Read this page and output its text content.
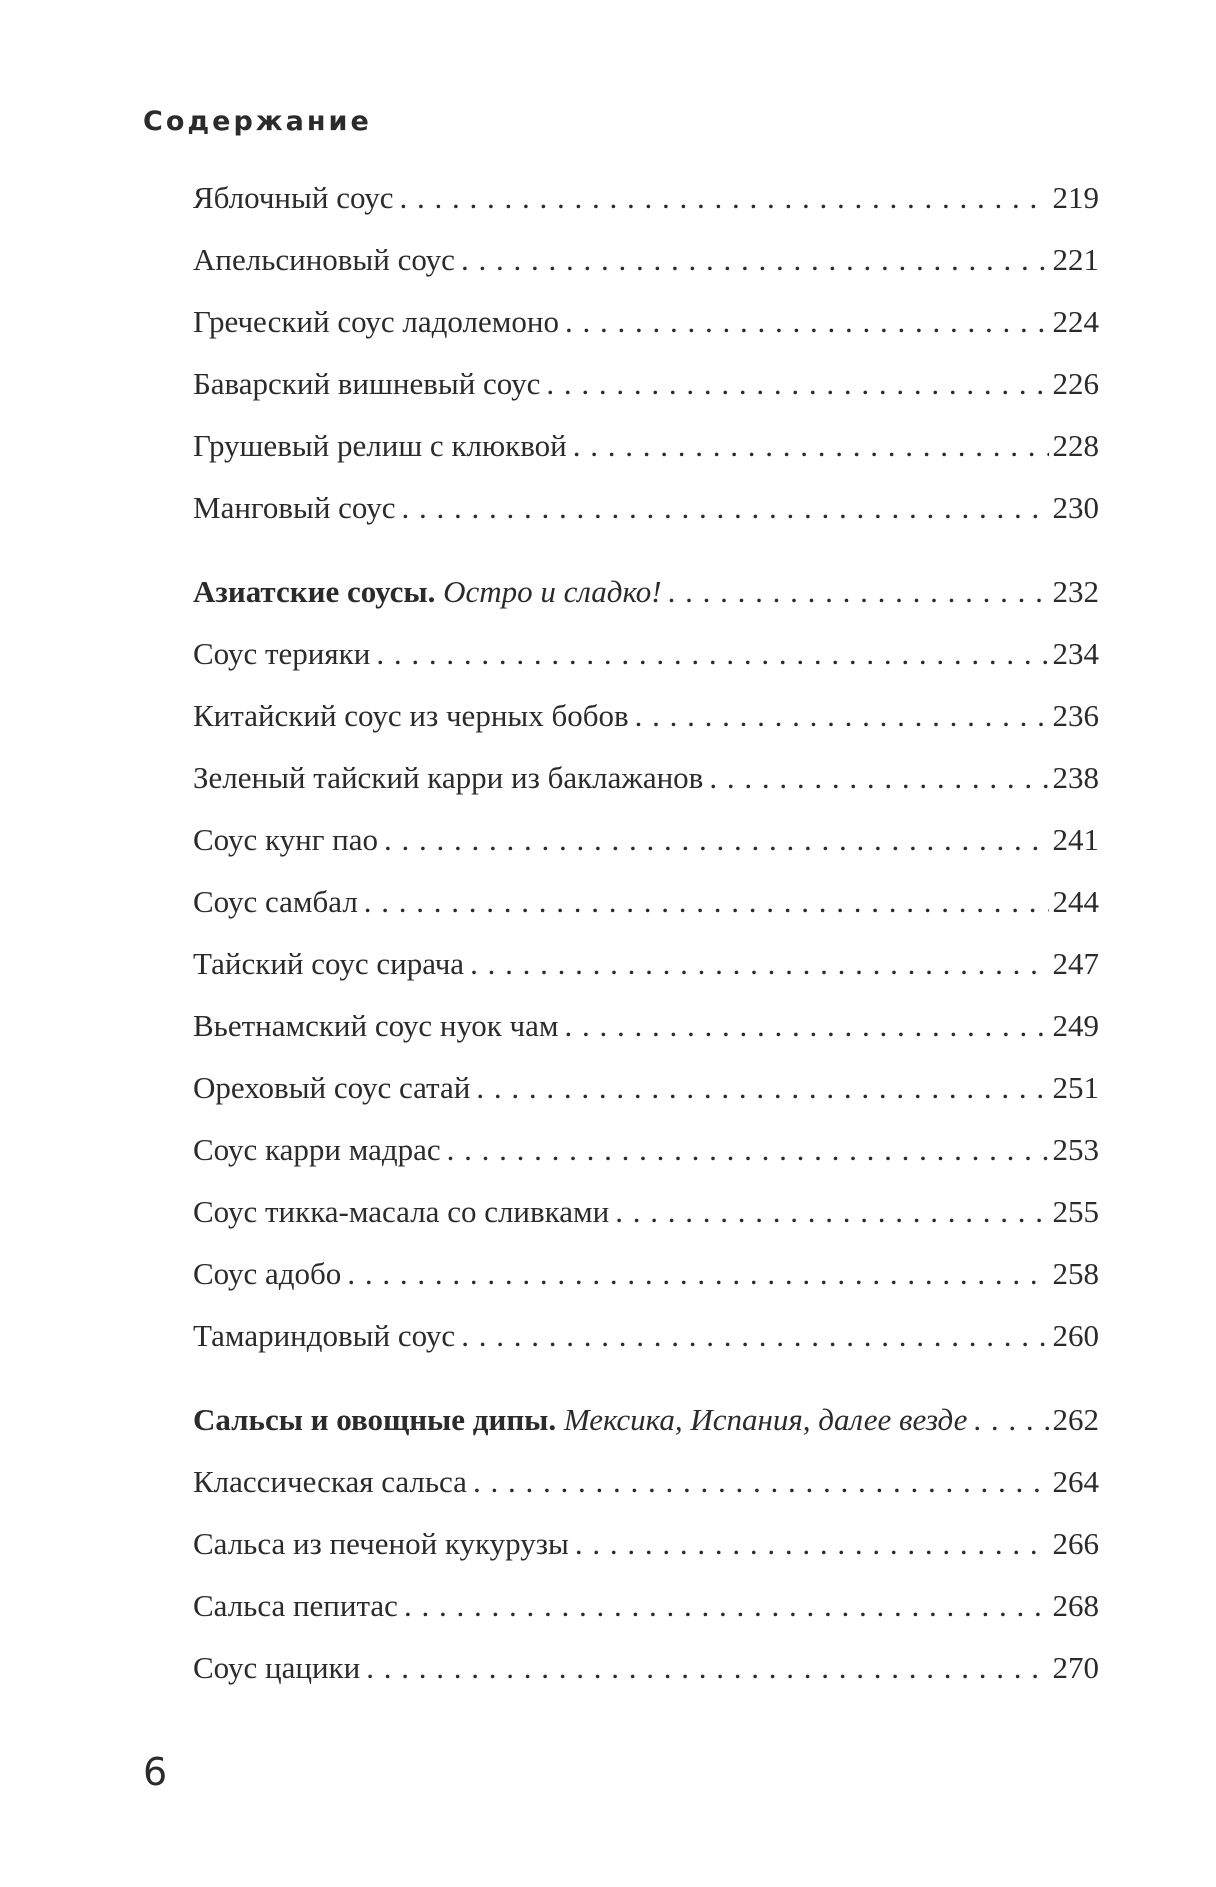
Содержание
Яблочный соус . . .	219
Апельсиновый соус . . .	221
Греческий соус ладолемоно . . .	224
Баварский вишневый соус . . .	226
Грушевый релиш с клюквой . . .	228
Манговый соус . . .	230
Азиатские соусы. Остро и сладко! . . .	232
Соус терияки . . .	234
Китайский соус из черных бобов . . .	236
Зеленый тайский карри из баклажанов . . .	238
Соус кунг пао . . .	241
Соус самбал . . .	244
Тайский соус сирача . . .	247
Вьетнамский соус нуок чам . . .	249
Ореховый соус сатай . . .	251
Соус карри мадрас . . .	253
Соус тикка-масала со сливками . . .	255
Соус адобо . . .	258
Тамариндовый соус . . .	260
Сальсы и овощные дипы. Мексика, Испания, далее везде . . .	262
Классическая сальса . . .	264
Сальса из печеной кукурузы . . .	266
Сальса пепитас . . .	268
Соус цацики . . .	270
6
